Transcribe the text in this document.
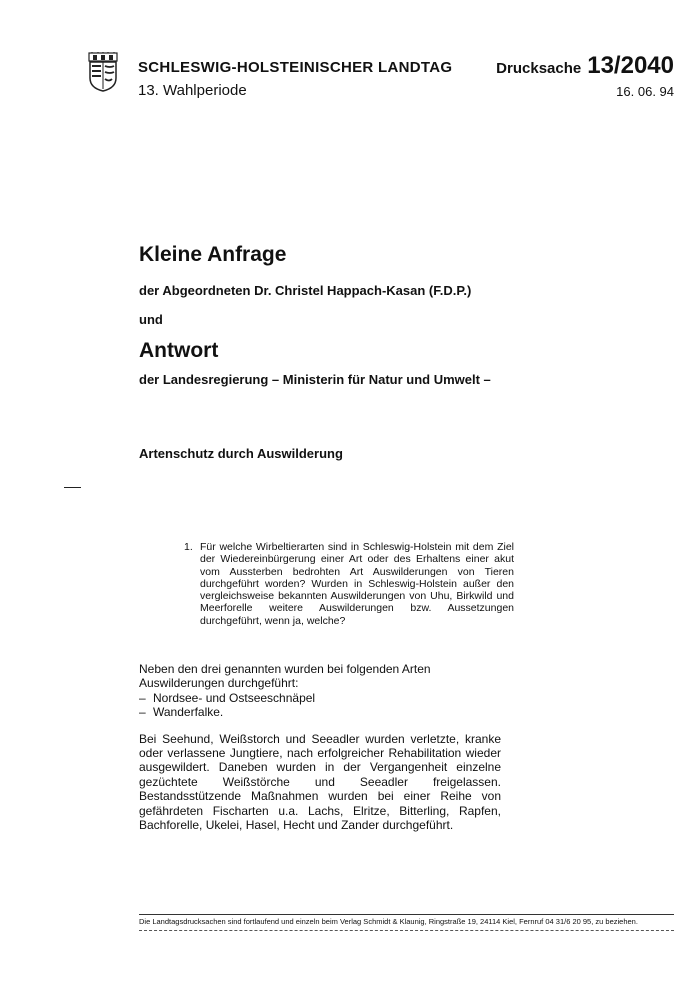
SCHLESWIG-HOLSTEINISCHER LANDTAG
13. Wahlperiode
Drucksache 13/2040
16. 06. 94
Kleine Anfrage
der Abgeordneten Dr. Christel Happach-Kasan (F.D.P.)
und
Antwort
der Landesregierung – Ministerin für Natur und Umwelt –
Artenschutz durch Auswilderung
1. Für welche Wirbeltierarten sind in Schleswig-Holstein mit dem Ziel der Wiedereinbürgerung einer Art oder des Erhaltens einer akut vom Aussterben bedrohten Art Auswilderungen von Tieren durchgeführt worden? Wurden in Schleswig-Holstein außer den vergleichsweise bekannten Auswilderungen von Uhu, Birkwild und Meerforelle weitere Auswilderungen bzw. Aussetzungen durchgeführt, wenn ja, welche?

Neben den drei genannten wurden bei folgenden Arten Auswilderungen durchgeführt:

– Nordsee- und Ostseeschnäpel
– Wanderfalke.

Bei Seehund, Weißstorch und Seeadler wurden verletzte, kranke oder verlassene Jungtiere, nach erfolgreicher Rehabilitation wieder ausgewildert. Daneben wurden in der Vergangenheit einzelne gezüchtete Weißstörche und Seeadler freigelassen. Bestandsstützende Maßnahmen wurden bei einer Reihe von gefährdeten Fischarten u.a. Lachs, Elritze, Bitterling, Rapfen, Bachforelle, Ukelei, Hasel, Hecht und Zander durchgeführt.

Die Landtagsdrucksachen sind fortlaufend und einzeln beim Verlag Schmidt & Klaunig, Ringstraße 19, 24114 Kiel, Fernruf 04 31/6 20 95, zu beziehen.
